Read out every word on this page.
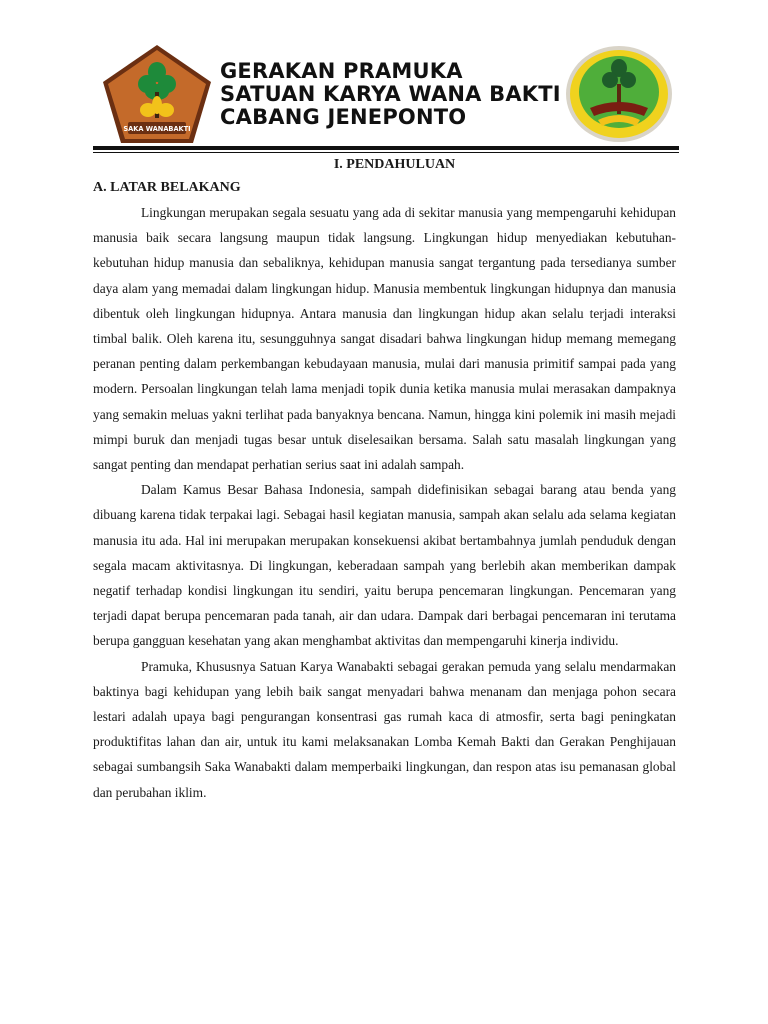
SAKA WANABAKTI
GERAKAN PRAMUKA
SATUAN KARYA WANA BAKTI
CABANG JENEPONTO
I. PENDAHULUAN
A. LATAR BELAKANG

Lingkungan merupakan segala sesuatu yang ada di sekitar manusia yang mempengaruhi kehidupan manusia baik secara langsung maupun tidak langsung. Lingkungan hidup menyediakan kebutuhan-kebutuhan hidup manusia dan sebaliknya, kehidupan manusia sangat tergantung pada tersedianya sumber daya alam yang memadai dalam lingkungan hidup. Manusia membentuk lingkungan hidupnya dan manusia dibentuk oleh lingkungan hidupnya. Antara manusia dan lingkungan hidup akan selalu terjadi interaksi timbal balik. Oleh karena itu, sesungguhnya sangat disadari bahwa lingkungan hidup memang memegang peranan penting dalam perkembangan kebudayaan manusia, mulai dari manusia primitif sampai pada yang modern. Persoalan lingkungan telah lama menjadi topik dunia ketika manusia mulai merasakan dampaknya yang semakin meluas yakni terlihat pada banyaknya bencana. Namun, hingga kini polemik ini masih mejadi mimpi buruk dan menjadi tugas besar untuk diselesaikan bersama. Salah satu masalah lingkungan yang sangat penting dan mendapat perhatian serius saat ini adalah sampah.

Dalam Kamus Besar Bahasa Indonesia, sampah didefinisikan sebagai barang atau benda yang dibuang karena tidak terpakai lagi. Sebagai hasil kegiatan manusia, sampah akan selalu ada selama kegiatan manusia itu ada. Hal ini merupakan merupakan konsekuensi akibat bertambahnya jumlah penduduk dengan segala macam aktivitasnya. Di lingkungan, keberadaan sampah yang berlebih akan memberikan dampak negatif terhadap kondisi lingkungan itu sendiri, yaitu berupa pencemaran lingkungan. Pencemaran yang terjadi dapat berupa pencemaran pada tanah, air dan udara. Dampak dari berbagai pencemaran ini terutama berupa gangguan kesehatan yang akan menghambat aktivitas dan mempengaruhi kinerja individu.

Pramuka, Khususnya Satuan Karya Wanabakti sebagai gerakan pemuda yang selalu mendarmakan baktinya bagi kehidupan yang lebih baik sangat menyadari bahwa menanam dan menjaga pohon secara lestari adalah upaya bagi pengurangan konsentrasi gas rumah kaca di atmosfir, serta bagi peningkatan produktifitas lahan dan air, untuk itu kami melaksanakan Lomba Kemah Bakti dan Gerakan Penghijauan sebagai sumbangsih Saka Wanabakti dalam memperbaiki lingkungan, dan respon atas isu pemanasan global dan perubahan iklim.
